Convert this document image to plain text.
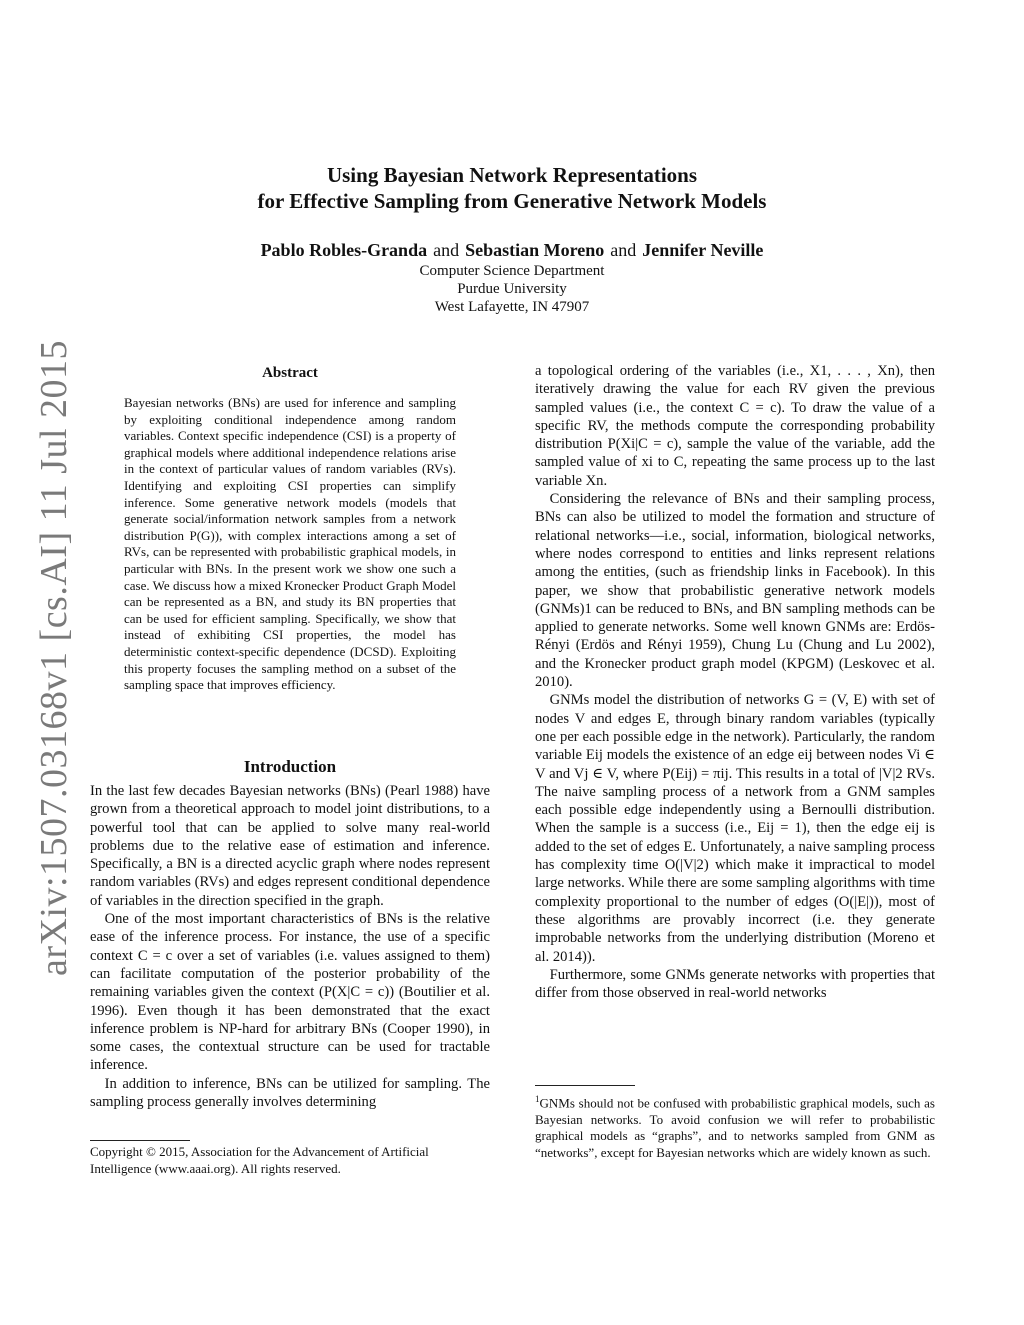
Using Bayesian Network Representations
for Effective Sampling from Generative Network Models
Pablo Robles-Granda and Sebastian Moreno and Jennifer Neville
Computer Science Department
Purdue University
West Lafayette, IN 47907
arXiv:1507.03168v1 [cs.AI] 11 Jul 2015	Abstract
Bayesian networks (BNs) are used for inference and sampling by exploiting conditional independence among random variables. Context specific independence (CSI) is a property of graphical models where additional independence relations arise in the context of particular values of random variables (RVs). Identifying and exploiting CSI properties can simplify inference. Some generative network models (models that generate social/information network samples from a network distribution P(G)), with complex interactions among a set of RVs, can be represented with probabilistic graphical models, in particular with BNs. In the present work we show one such a case. We discuss how a mixed Kronecker Product Graph Model can be represented as a BN, and study its BN properties that can be used for efficient sampling. Specifically, we show that instead of exhibiting CSI properties, the model has deterministic context-specific dependence (DCSD). Exploiting this property focuses the sampling method on a subset of the sampling space that improves efficiency.
Introduction

In the last few decades Bayesian networks (BNs) (Pearl 1988) have grown from a theoretical approach to model joint distributions, to a powerful tool that can be applied to solve many real-world problems due to the relative ease of estimation and inference. Specifically, a BN is a directed acyclic graph where nodes represent random variables (RVs) and edges represent conditional dependence of variables in the direction specified in the graph.

One of the most important characteristics of BNs is the relative ease of the inference process. For instance, the use of a specific context C = c over a set of variables (i.e. values assigned to them) can facilitate computation of the posterior probability of the remaining variables given the context (P(X|C = c)) (Boutilier et al. 1996). Even though it has been demonstrated that the exact inference problem is NP-hard for arbitrary BNs (Cooper 1990), in some cases, the contextual structure can be used for tractable inference.

In addition to inference, BNs can be utilized for sampling. The sampling process generally involves determining

Copyright © 2015, Association for the Advancement of Artificial Intelligence (www.aaai.org). All rights reserved.

a topological ordering of the variables (i.e., X1, . . . , Xn), then iteratively drawing the value for each RV given the previous sampled values (i.e., the context C = c). To draw the value of a specific RV, the methods compute the corresponding probability distribution P(Xi|C = c), sample the value of the variable, add the sampled value of xi to C, repeating the same process up to the last variable Xn.

Considering the relevance of BNs and their sampling process, BNs can also be utilized to model the formation and structure of relational networks—i.e., social, information, biological networks, where nodes correspond to entities and links represent relations among the entities, (such as friendship links in Facebook). In this paper, we show that probabilistic generative network models (GNMs)1 can be reduced to BNs, and BN sampling methods can be applied to generate networks. Some well known GNMs are: Erdös-Rényi (Erdös and Rényi 1959), Chung Lu (Chung and Lu 2002), and the Kronecker product graph model (KPGM) (Leskovec et al. 2010).

GNMs model the distribution of networks G = (V, E) with set of nodes V and edges E, through binary random variables (typically one per each possible edge in the network). Particularly, the random variable Eij models the existence of an edge eij between nodes Vi ∈ V and Vj ∈ V, where P(Eij) = πij. This results in a total of |V|2 RVs. The naive sampling process of a network from a GNM samples each possible edge independently using a Bernoulli distribution. When the sample is a success (i.e., Eij = 1), then the edge eij is added to the set of edges E. Unfortunately, a naive sampling process has complexity time O(|V|2) which make it impractical to model large networks. While there are some sampling algorithms with time complexity proportional to the number of edges (O(|E|)), most of these algorithms are provably incorrect (i.e. they generate improbable networks from the underlying distribution (Moreno et al. 2014)).

Furthermore, some GNMs generate networks with properties that differ from those observed in real-world networks

$^1$GNMs should not be confused with probabilistic graphical models, such as Bayesian networks. To avoid confusion we will refer to probabilistic graphical models as “graphs”, and to networks sampled from GNM as “networks”, except for Bayesian networks which are widely known as such.
